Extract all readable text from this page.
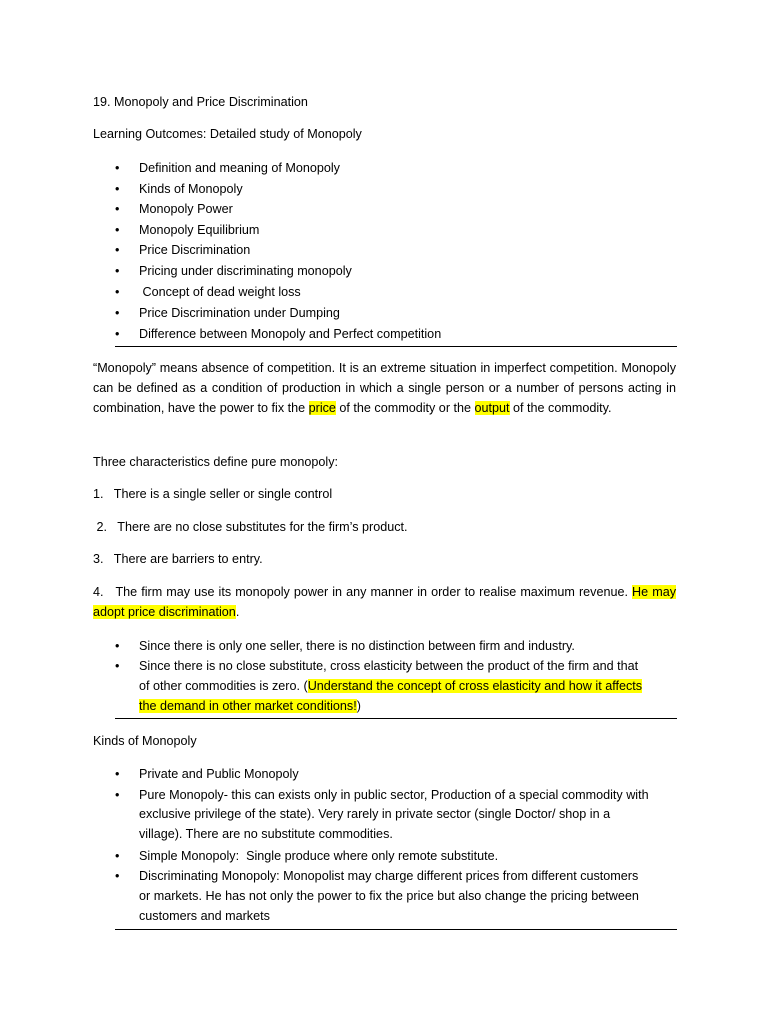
19. Monopoly and Price Discrimination
Learning Outcomes: Detailed study of Monopoly
•	Definition and meaning of Monopoly
•	Kinds of Monopoly
•	Monopoly Power
•	Monopoly Equilibrium
•	Price Discrimination
•	Pricing under discriminating monopoly
•	Concept of dead weight loss
•	Price Discrimination under Dumping
•	Difference between Monopoly and Perfect competition
“Monopoly” means absence of competition. It is an extreme situation in imperfect competition. Monopoly can be defined as a condition of production in which a single person or a number of persons acting in combination, have the power to fix the price of the commodity or the output of the commodity.
Three characteristics define pure monopoly:
1.   There is a single seller or single control
2.   There are no close substitutes for the firm’s product.
3.   There are barriers to entry.
4.   The firm may use its monopoly power in any manner in order to realise maximum revenue. He may adopt price discrimination.
•	Since there is only one seller, there is no distinction between firm and industry.
•	Since there is no close substitute, cross elasticity between the product of the firm and that
of other commodities is zero. (Understand the concept of cross elasticity and how it affects
the demand in other market conditions!)
Kinds of Monopoly
•	Private and Public Monopoly
•	Pure Monopoly- this can exists only in public sector, Production of a special commodity with
exclusive privilege of the state). Very rarely in private sector (single Doctor/ shop in a
village). There are no substitute commodities.
•	Simple Monopoly:  Single produce where only remote substitute.
•	Discriminating Monopoly: Monopolist may charge different prices from different customers
or markets. He has not only the power to fix the price but also change the pricing between
customers and markets
